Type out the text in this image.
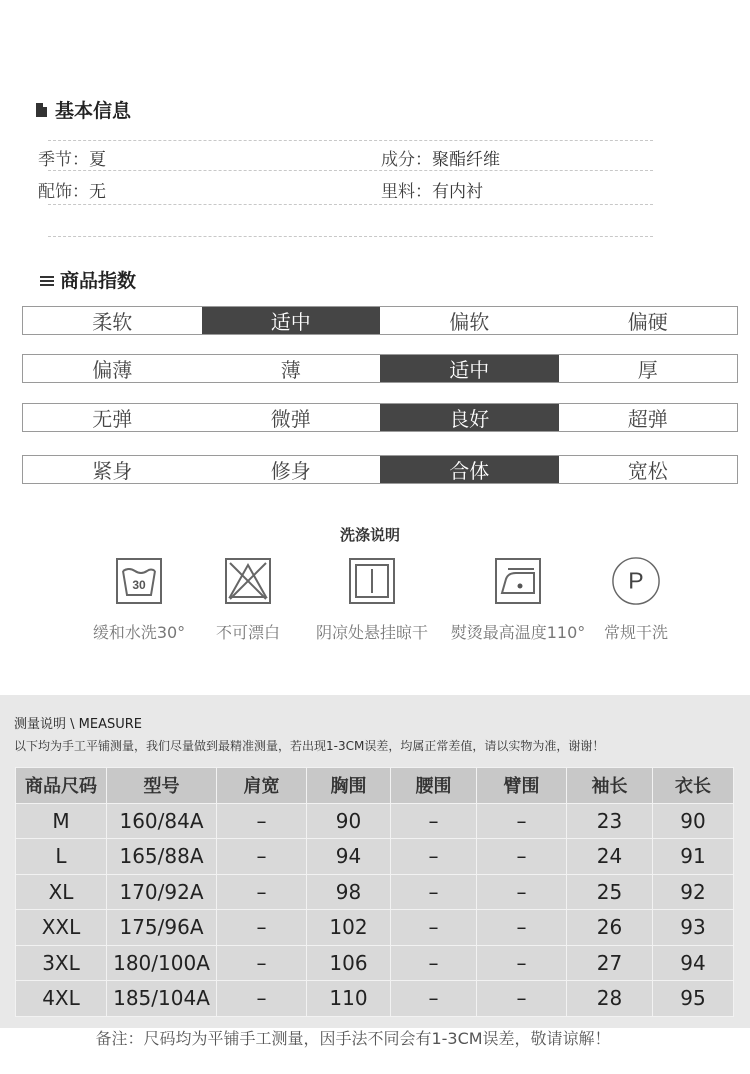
基本信息
季节：夏	成分：聚酯纤维
配饰：无	里料：有内衬
商品指数
柔软	适中	偏软	偏硬
偏薄	薄	适中	厚
无弹	微弹	良好	超弹
紧身	修身	合体	宽松
洗涤说明
30
缓和水洗30°	不可漂白	阴凉处悬挂晾干	熨烫最高温度110°
P
常规干洗
测量说明 \ MEASURE
以下均为手工平铺测量，我们尽量做到最精准测量，若出现1-3CM误差，均属正常差值，请以实物为准，谢谢！
商品尺码	型号	肩宽	胸围	腰围	臂围	袖长	衣长
M	160/84A	–	90	–	–	23	90
L	165/88A	–	94	–	–	24	91
XL	170/92A	–	98	–	–	25	92
XXL	175/96A	–	102	–	–	26	93
3XL	180/100A	–	106	–	–	27	94
4XL	185/104A	–	110	–	–	28	95
备注：尺码均为平铺手工测量，因手法不同会有1-3CM误差，敬请谅解！
